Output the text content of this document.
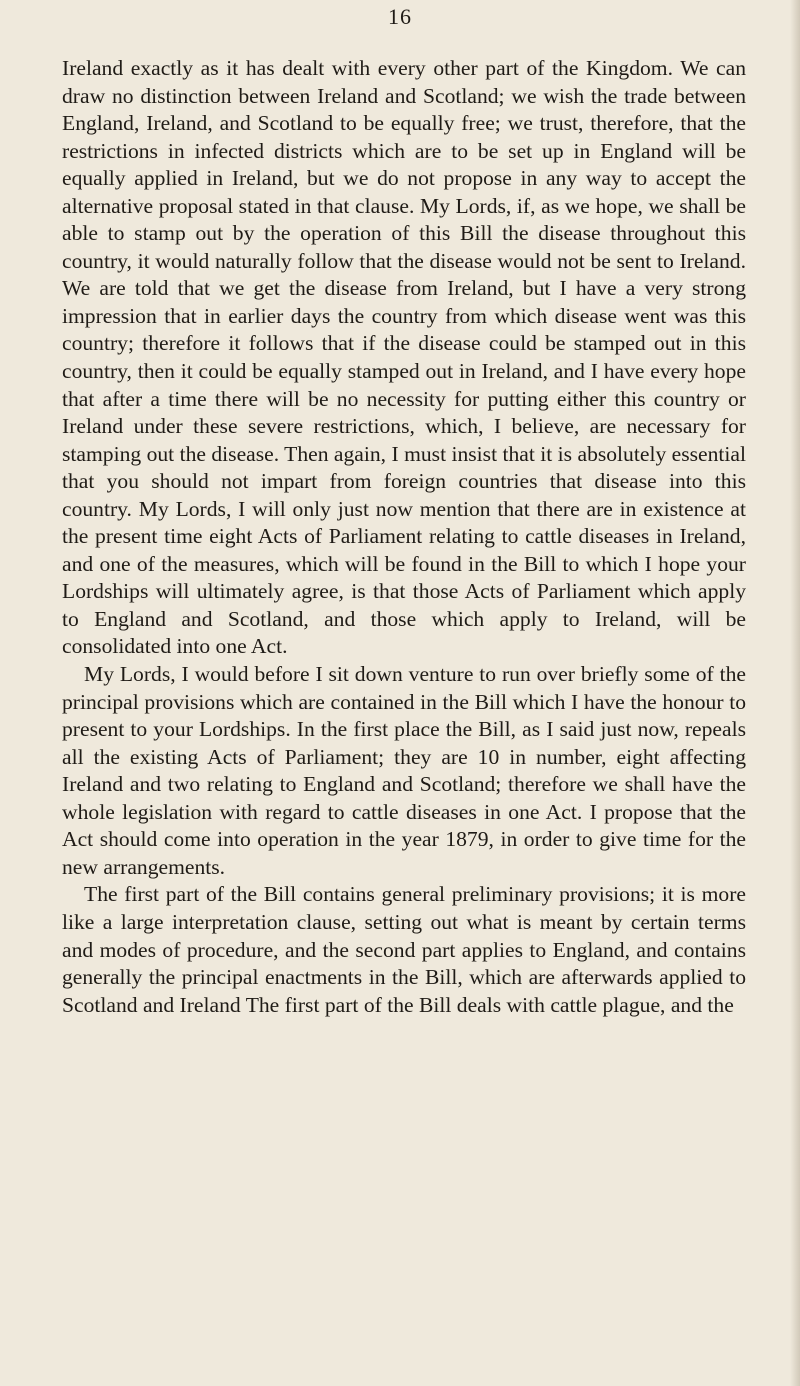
16

Ireland exactly as it has dealt with every other part of the Kingdom. We can draw no distinction between Ireland and Scotland; we wish the trade between England, Ireland, and Scotland to be equally free; we trust, therefore, that the restrictions in infected districts which are to be set up in England will be equally applied in Ireland, but we do not propose in any way to accept the alternative proposal stated in that clause. My Lords, if, as we hope, we shall be able to stamp out by the operation of this Bill the disease throughout this country, it would naturally follow that the disease would not be sent to Ireland. We are told that we get the disease from Ireland, but I have a very strong impression that in earlier days the country from which disease went was this country; therefore it follows that if the disease could be stamped out in this country, then it could be equally stamped out in Ireland, and I have every hope that after a time there will be no necessity for putting either this country or Ireland under these severe restrictions, which, I believe, are necessary for stamping out the disease. Then again, I must insist that it is absolutely essential that you should not impart from foreign countries that disease into this country. My Lords, I will only just now mention that there are in existence at the present time eight Acts of Parliament relating to cattle diseases in Ireland, and one of the measures, which will be found in the Bill to which I hope your Lordships will ultimately agree, is that those Acts of Parliament which apply to England and Scotland, and those which apply to Ireland, will be consolidated into one Act.

My Lords, I would before I sit down venture to run over briefly some of the principal provisions which are contained in the Bill which I have the honour to present to your Lordships. In the first place the Bill, as I said just now, repeals all the existing Acts of Parliament; they are 10 in number, eight affecting Ireland and two relating to England and Scotland; therefore we shall have the whole legislation with regard to cattle diseases in one Act. I propose that the Act should come into operation in the year 1879, in order to give time for the new arrangements.

The first part of the Bill contains general preliminary provisions; it is more like a large interpretation clause, setting out what is meant by certain terms and modes of procedure, and the second part applies to England, and contains generally the principal enactments in the Bill, which are afterwards applied to Scotland and Ireland The first part of the Bill deals with cattle plague, and the
